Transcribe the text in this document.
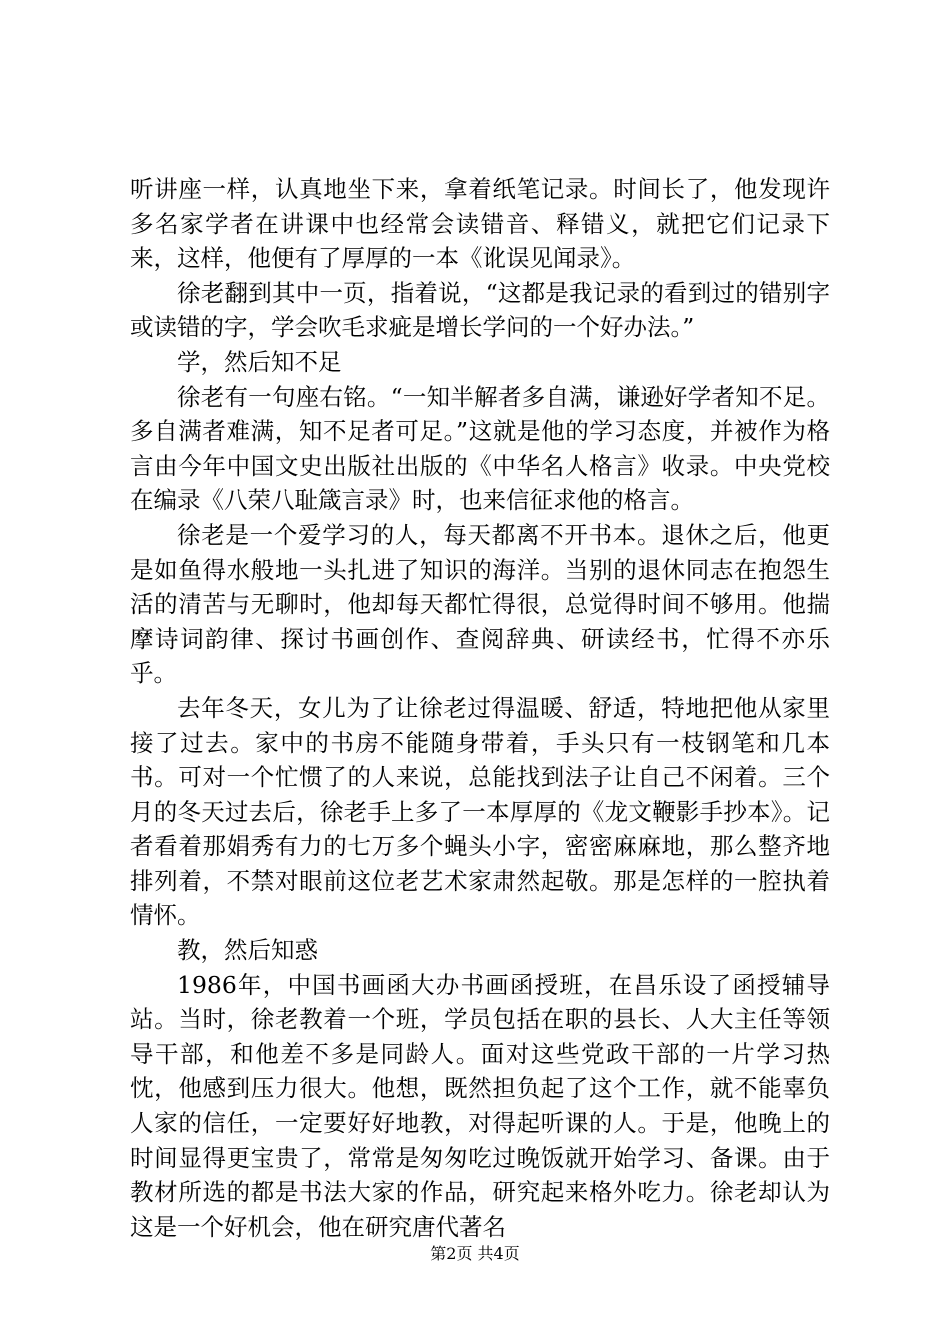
听讲座一样，认真地坐下来，拿着纸笔记录。时间长了，他发现许多名家学者在讲课中也经常会读错音、释错义，就把它们记录下来，这样，他便有了厚厚的一本《讹误见闻录》。

徐老翻到其中一页，指着说，“这都是我记录的看到过的错别字或读错的字，学会吹毛求疵是增长学问的一个好办法。”

学，然后知不足

徐老有一句座右铭。“一知半解者多自满，谦逊好学者知不足。多自满者难满，知不足者可足。”这就是他的学习态度，并被作为格言由今年中国文史出版社出版的《中华名人格言》收录。中央党校在编录《八荣八耻箴言录》时，也来信征求他的格言。

徐老是一个爱学习的人，每天都离不开书本。退休之后，他更是如鱼得水般地一头扎进了知识的海洋。当别的退休同志在抱怨生活的清苦与无聊时，他却每天都忙得很，总觉得时间不够用。他揣摩诗词韵律、探讨书画创作、查阅辞典、研读经书，忙得不亦乐乎。

去年冬天，女儿为了让徐老过得温暖、舒适，特地把他从家里接了过去。家中的书房不能随身带着，手头只有一枝钢笔和几本书。可对一个忙惯了的人来说，总能找到法子让自己不闲着。三个月的冬天过去后，徐老手上多了一本厚厚的《龙文鞭影手抄本》。记者看着那娟秀有力的七万多个蝇头小字，密密麻麻地，那么整齐地排列着，不禁对眼前这位老艺术家肃然起敬。那是怎样的一腔执着情怀。

教，然后知惑

1986年，中国书画函大办书画函授班，在昌乐设了函授辅导站。当时，徐老教着一个班，学员包括在职的县长、人大主任等领导干部，和他差不多是同龄人。面对这些党政干部的一片学习热忱，他感到压力很大。他想，既然担负起了这个工作，就不能辜负人家的信任，一定要好好地教，对得起听课的人。于是，他晚上的时间显得更宝贵了，常常是匆匆吃过晚饭就开始学习、备课。由于教材所选的都是书法大家的作品，研究起来格外吃力。徐老却认为这是一个好机会，他在研究唐代著名

第2页 共4页
